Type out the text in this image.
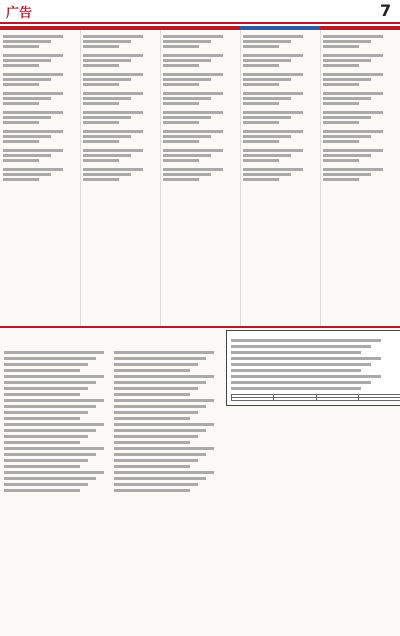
广告	7
